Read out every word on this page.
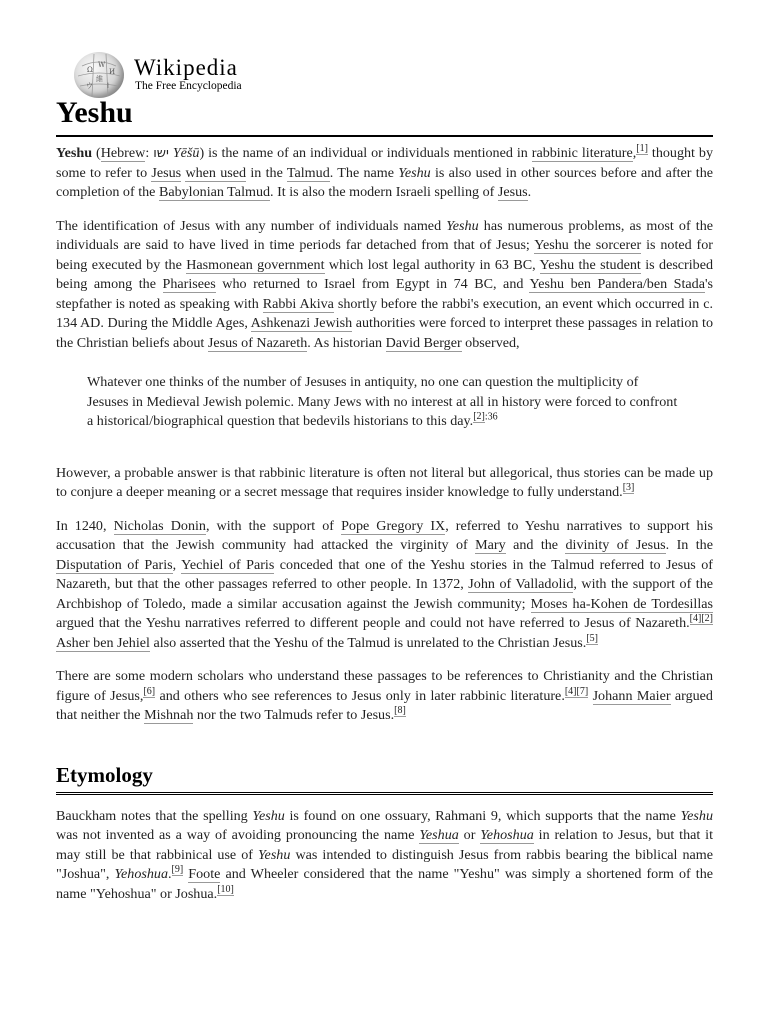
Ω
W
И
維
ウ ا
Wikipedia
The Free Encyclopedia
Yeshu

Yeshu (Hebrew: ישו Yēšū) is the name of an individual or individuals mentioned in rabbinic literature,[1] thought by some to refer to Jesus when used in the Talmud. The name Yeshu is also used in other sources before and after the completion of the Babylonian Talmud. It is also the modern Israeli spelling of Jesus.

The identification of Jesus with any number of individuals named Yeshu has numerous problems, as most of the individuals are said to have lived in time periods far detached from that of Jesus; Yeshu the sorcerer is noted for being executed by the Hasmonean government which lost legal authority in 63 BC, Yeshu the student is described being among the Pharisees who returned to Israel from Egypt in 74 BC, and Yeshu ben Pandera/ben Stada's stepfather is noted as speaking with Rabbi Akiva shortly before the rabbi's execution, an event which occurred in c. 134 AD. During the Middle Ages, Ashkenazi Jewish authorities were forced to interpret these passages in relation to the Christian beliefs about Jesus of Nazareth. As historian David Berger observed,

Whatever one thinks of the number of Jesuses in antiquity, no one can question the multiplicity of Jesuses in Medieval Jewish polemic. Many Jews with no interest at all in history were forced to confront a historical/biographical question that bedevils historians to this day.$^{[2]:36}$

However, a probable answer is that rabbinic literature is often not literal but allegorical, thus stories can be made up to conjure a deeper meaning or a secret message that requires insider knowledge to fully understand.[3]

In 1240, Nicholas Donin, with the support of Pope Gregory IX, referred to Yeshu narratives to support his accusation that the Jewish community had attacked the virginity of Mary and the divinity of Jesus. In the Disputation of Paris, Yechiel of Paris conceded that one of the Yeshu stories in the Talmud referred to Jesus of Nazareth, but that the other passages referred to other people. In 1372, John of Valladolid, with the support of the Archbishop of Toledo, made a similar accusation against the Jewish community; Moses ha-Kohen de Tordesillas argued that the Yeshu narratives referred to different people and could not have referred to Jesus of Nazareth.[4][2] Asher ben Jehiel also asserted that the Yeshu of the Talmud is unrelated to the Christian Jesus.[5]

There are some modern scholars who understand these passages to be references to Christianity and the Christian figure of Jesus,[6] and others who see references to Jesus only in later rabbinic literature.[4][7] Johann Maier argued that neither the Mishnah nor the two Talmuds refer to Jesus.[8]

Etymology

Bauckham notes that the spelling Yeshu is found on one ossuary, Rahmani 9, which supports that the name Yeshu was not invented as a way of avoiding pronouncing the name Yeshua or Yehoshua in relation to Jesus, but that it may still be that rabbinical use of Yeshu was intended to distinguish Jesus from rabbis bearing the biblical name "Joshua", Yehoshua.[9] Foote and Wheeler considered that the name "Yeshu" was simply a shortened form of the name "Yehoshua" or Joshua.[10]
